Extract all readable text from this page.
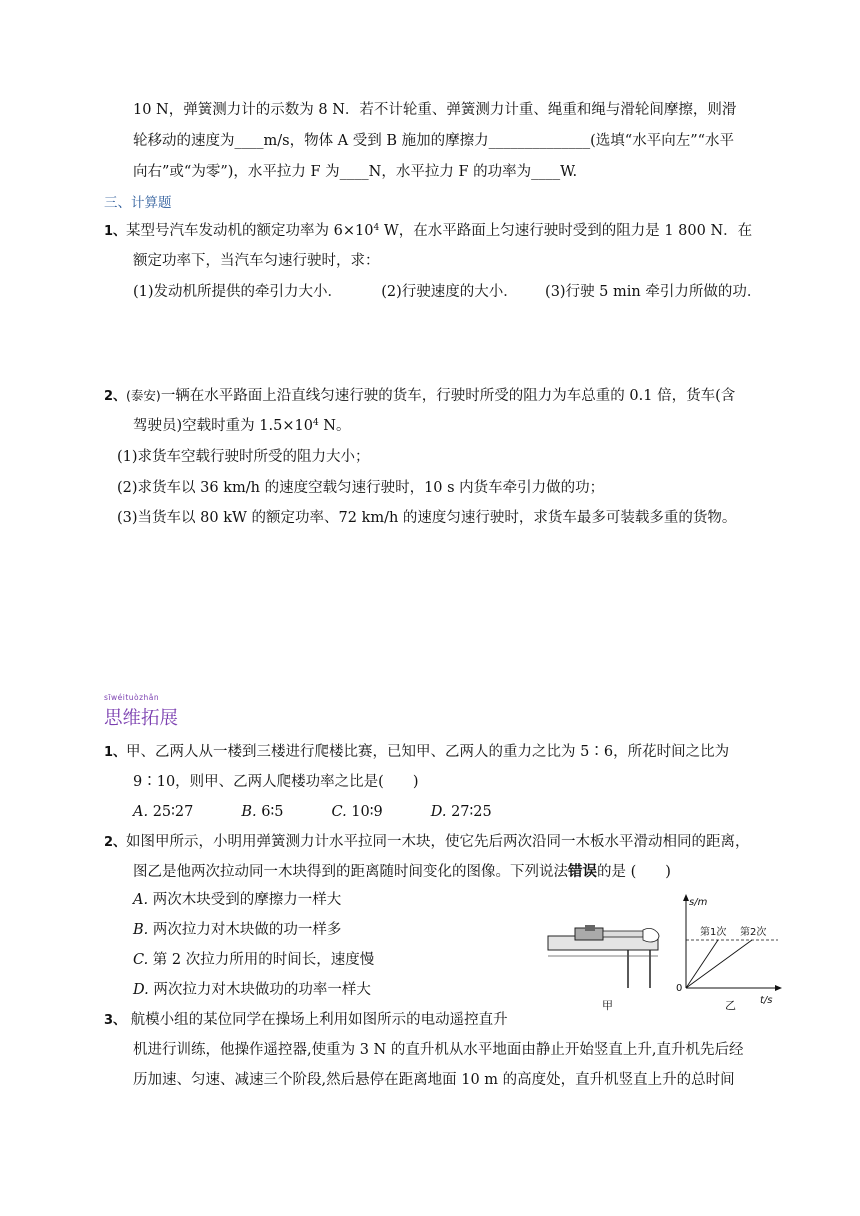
10 N，弹簧测力计的示数为 8 N．若不计轮重、弹簧测力计重、绳重和绳与滑轮间摩擦，则滑
轮移动的速度为____m/s，物体 A 受到 B 施加的摩擦力______________(选填“水平向左”“水平
向右”或“为零”)，水平拉力 F 为____N，水平拉力 F 的功率为____W.
三、计算题
1、某型号汽车发动机的额定功率为 $6\times 10^4$ W，在水平路面上匀速行驶时受到的阻力是 1 800 N．在
额定功率下，当汽车匀速行驶时，求：
(1)发动机所提供的牵引力大小．	(2)行驶速度的大小． (3)行驶 5 min 牵引力所做的功．
2、(泰安)一辆在水平路面上沿直线匀速行驶的货车，行驶时所受的阻力为车总重的 0.1 倍，货车(含
驾驶员)空载时重为 $1.5\times 10^4$ N。
(1)求货车空载行驶时所受的阻力大小；
(2)求货车以 36 km/h 的速度空载匀速行驶时，10 s 内货车牵引力做的功；
(3)当货车以 80 kW 的额定功率、72 km/h 的速度匀速行驶时，求货车最多可装载多重的货物。
sīwéituòzhǎn
思维拓展
1、甲、乙两人从一楼到三楼进行爬楼比赛，已知甲、乙两人的重力之比为 5∶6，所花时间之比为
9∶10，则甲、乙两人爬楼功率之比是(　　)
A. 25∶27	B. 6∶5	C. 10∶9	D. 27∶25
2、如图甲所示，小明用弹簧测力计水平拉同一木块，使它先后两次沿同一木板水平滑动相同的距离，
图乙是他两次拉动同一木块得到的距离随时间变化的图像。下列说法错误的是 (　　)
A. 两次木块受到的摩擦力一样大
B. 两次拉力对木块做的功一样多
C. 第 2 次拉力所用的时间长，速度慢
D. 两次拉力对木块做功的功率一样大
甲
s/m
t/s
0
第1次 第2次
乙
3、 航模小组的某位同学在操场上利用如图所示的电动遥控直升
机进行训练，他操作遥控器,使重为 3 N 的直升机从水平地面由静止开始竖直上升,直升机先后经
历加速、匀速、减速三个阶段,然后悬停在距离地面 10 m 的高度处，直升机竖直上升的总时间
